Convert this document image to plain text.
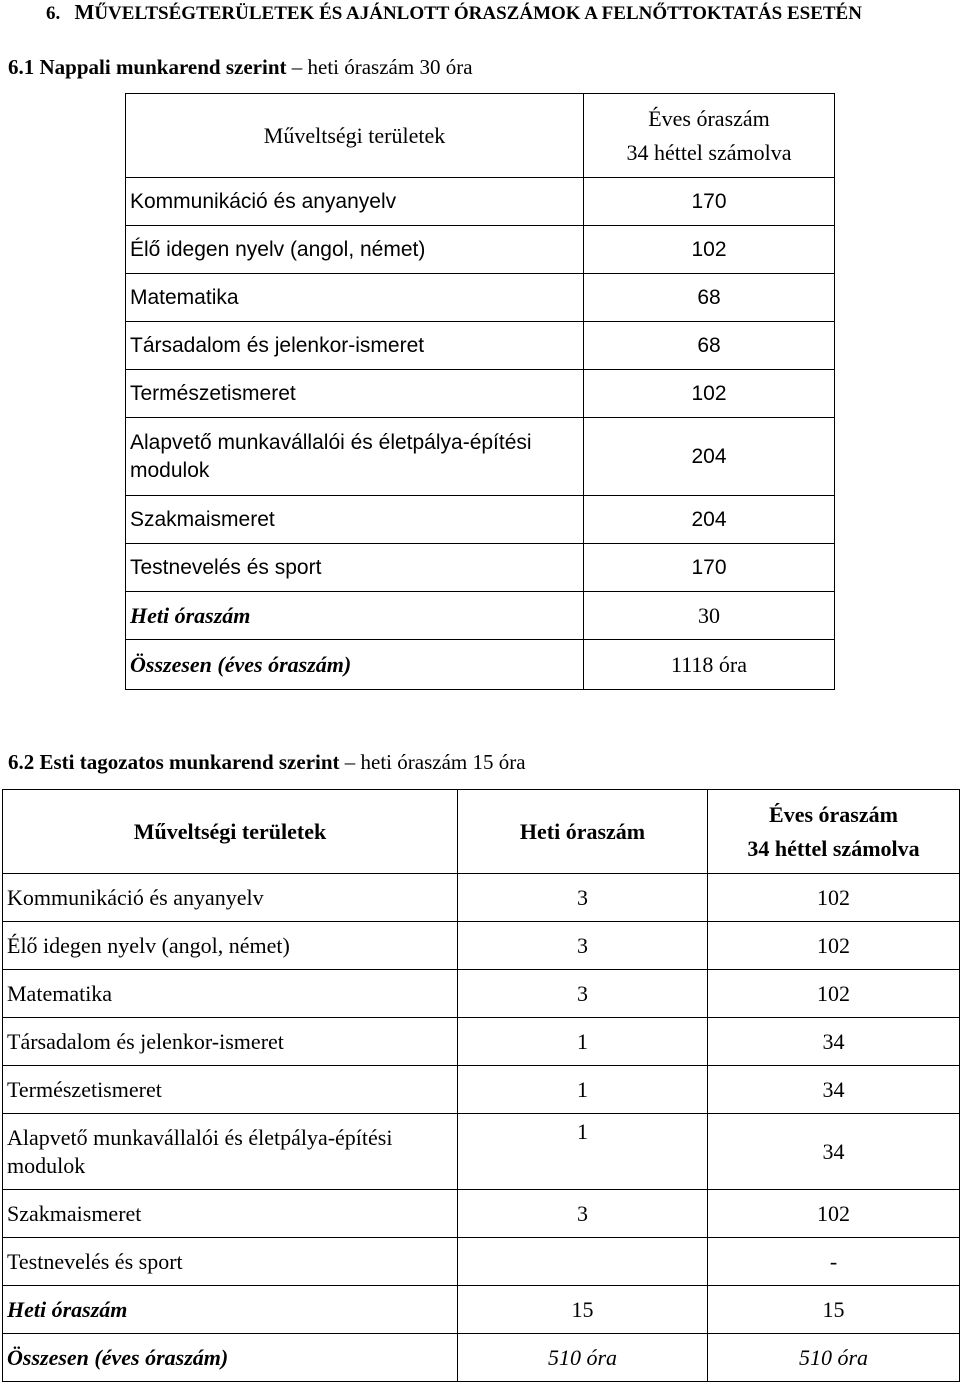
6. MŰVELTSÉGTERÜLETEK ÉS AJÁNLOTT ÓRASZÁMOK A FELNŐTTOKTATÁS ESETÉN
6.1 Nappali munkarend szerint – heti óraszám 30 óra
Műveltségi területek	Éves óraszám
34 héttel számolva

Kommunikáció és anyanyelv	170
Élő idegen nyelv (angol, német)	102
Matematika	68
Társadalom és jelenkor-ismeret	68
Természetismeret	102
Alapvető munkavállalói és életpálya-építési modulok	204
Szakmaismeret	204
Testnevelés és sport	170
Heti óraszám	30
Összesen (éves óraszám)	1118 óra
6.2 Esti tagozatos munkarend szerint – heti óraszám 15 óra
Műveltségi területek	Heti óraszám	Éves óraszám
34 héttel számolva

Kommunikáció és anyanyelv	3	102
Élő idegen nyelv (angol, német)	3	102
Matematika	3	102
Társadalom és jelenkor-ismeret	1	34
Természetismeret	1	34
Alapvető munkavállalói és életpálya-építési modulok	1	34
Szakmaismeret	3	102
Testnevelés és sport		-
Heti óraszám	15	15
Összesen (éves óraszám)	510 óra	510 óra
